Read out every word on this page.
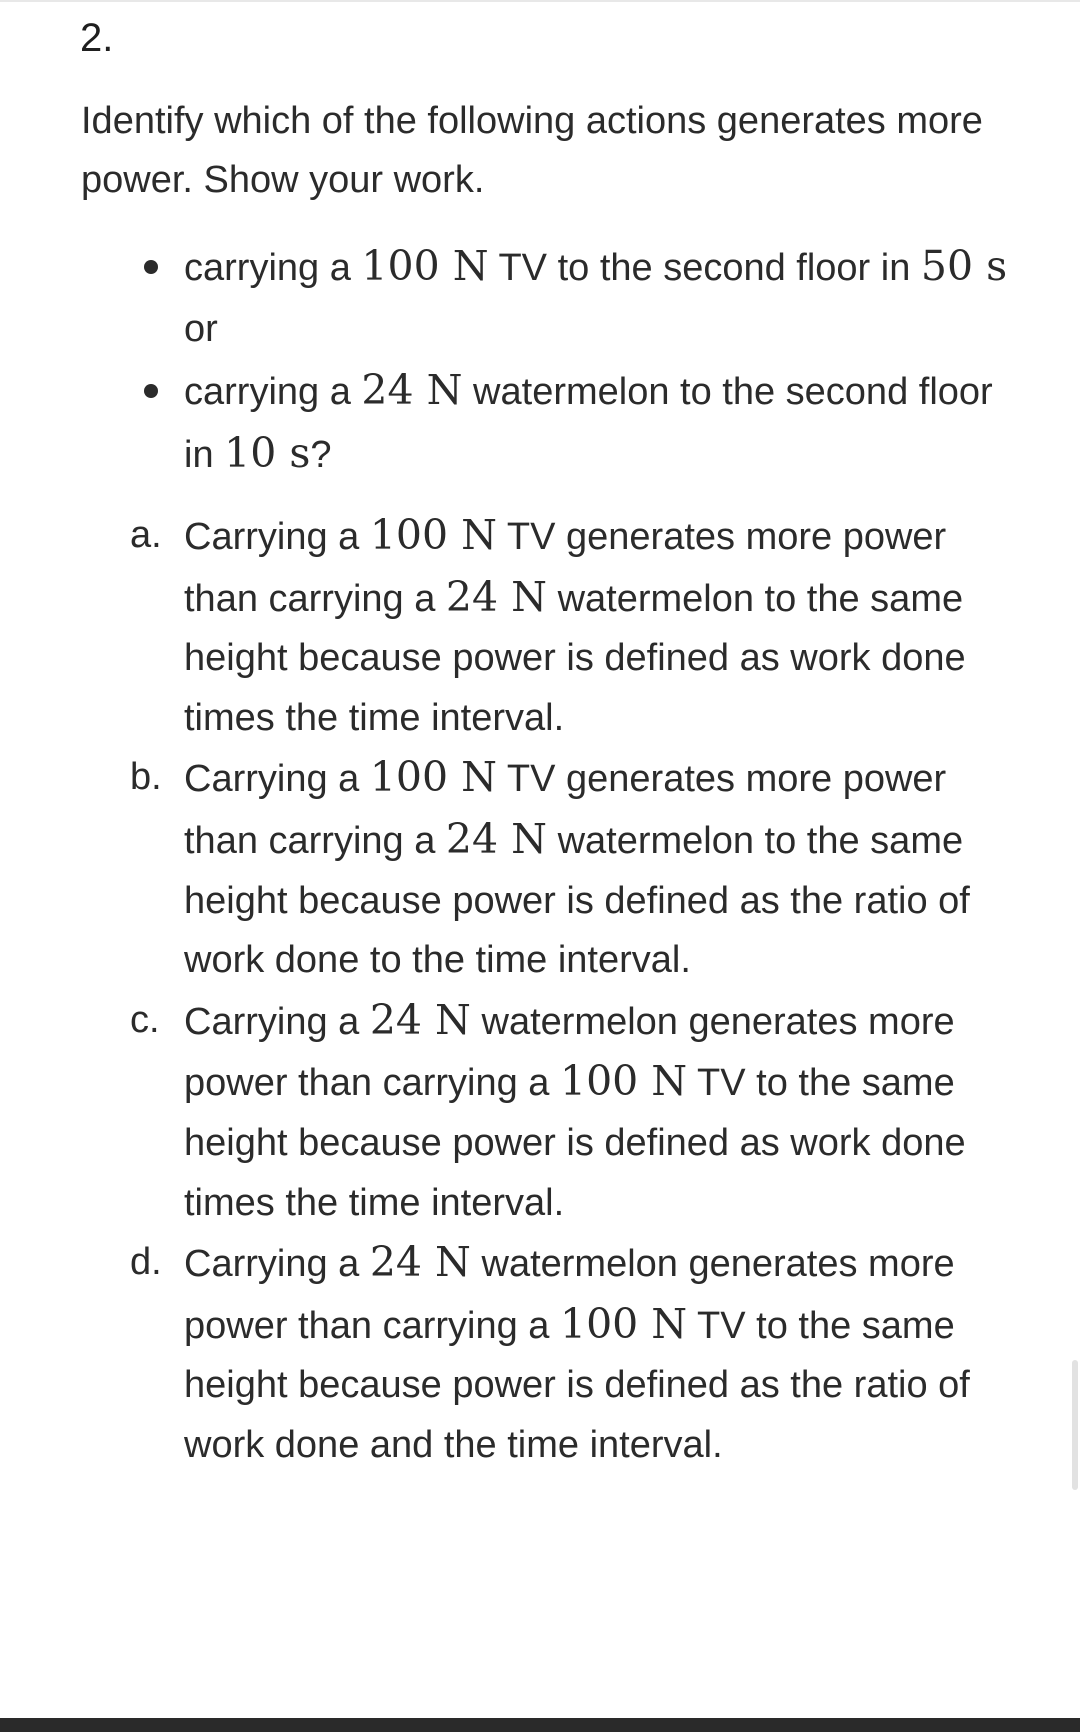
2.
Identify which of the following actions generates more power. Show your work.
carrying a 100 N TV to the second floor in 50 s or
carrying a 24 N watermelon to the second floor in 10 s?
a. Carrying a 100 N TV generates more power than carrying a 24 N watermelon to the same height because power is defined as work done times the time interval.
b. Carrying a 100 N TV generates more power than carrying a 24 N watermelon to the same height because power is defined as the ratio of work done to the time interval.
c. Carrying a 24 N watermelon generates more power than carrying a 100 N TV to the same height because power is defined as work done times the time interval.
d. Carrying a 24 N watermelon generates more power than carrying a 100 N TV to the same height because power is defined as the ratio of work done and the time interval.
